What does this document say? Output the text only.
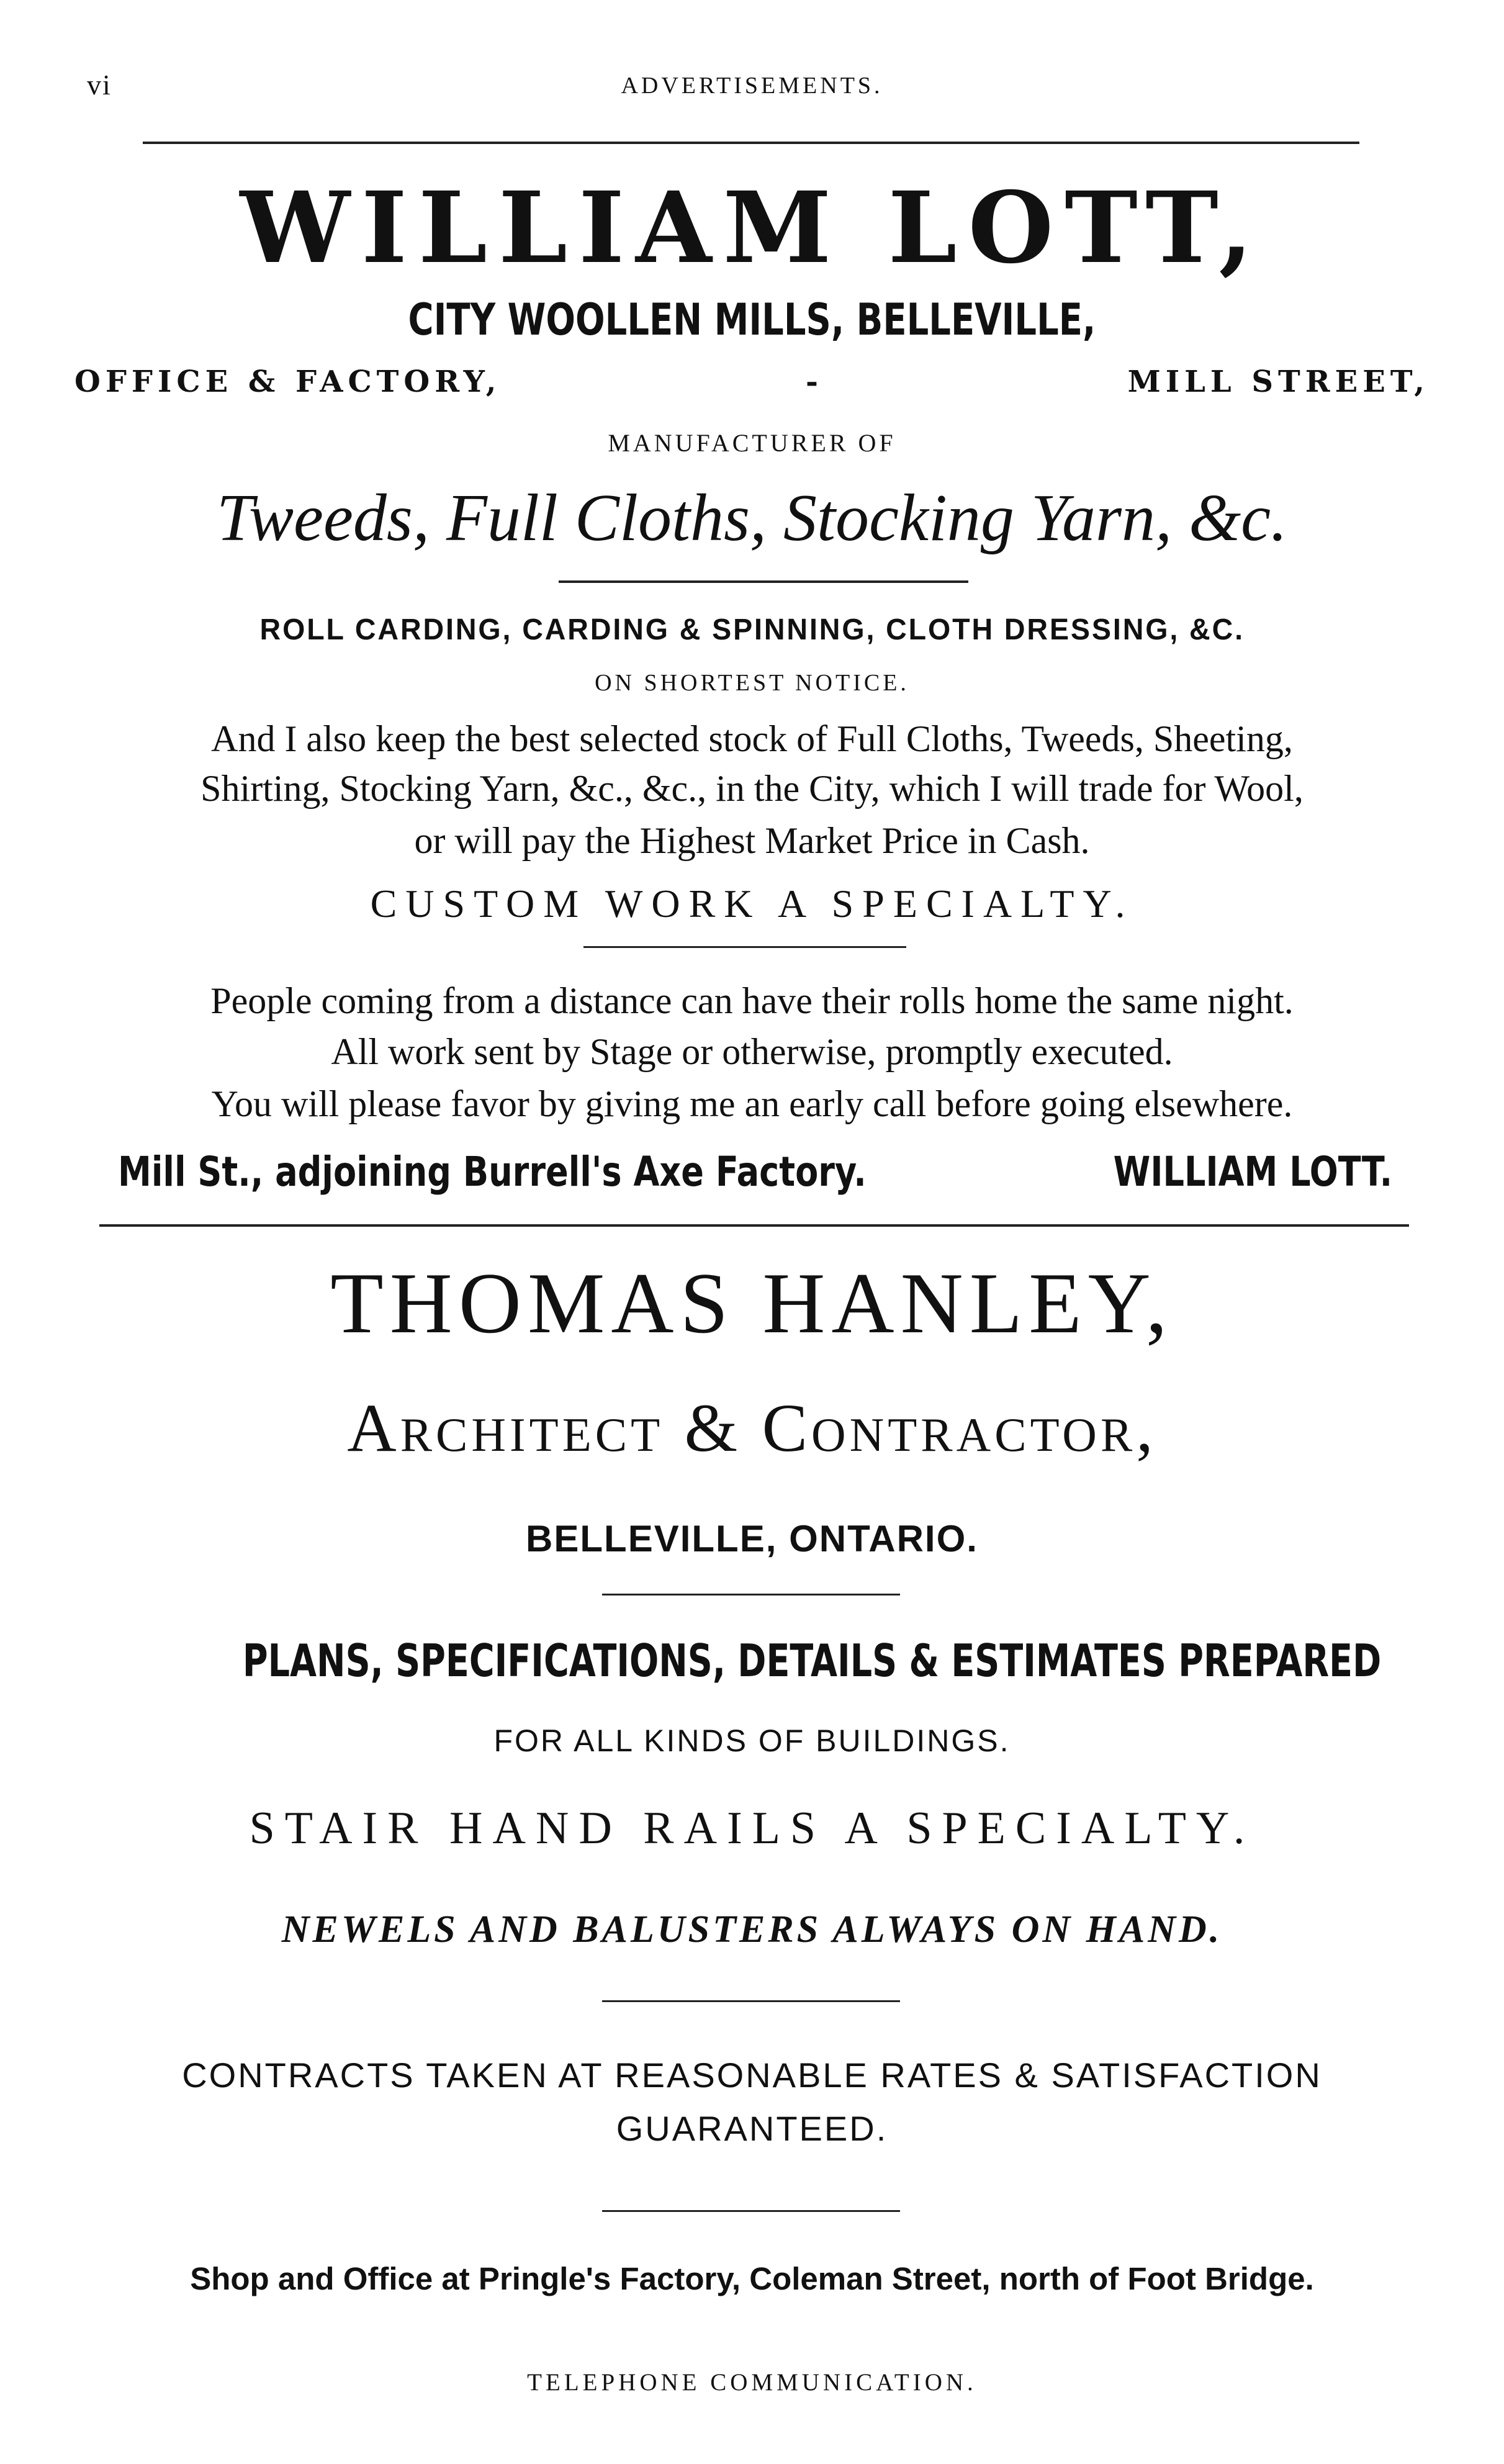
vi	ADVERTISEMENTS.
WILLIAM LOTT,
CITY WOOLLEN MILLS, BELLEVILLE,
OFFICE & FACTORY,	-	MILL STREET,
MANUFACTURER OF
Tweeds, Full Cloths, Stocking Yarn, &c.
ROLL CARDING, CARDING & SPINNING, CLOTH DRESSING, &C.
ON SHORTEST NOTICE.
And I also keep the best selected stock of Full Cloths, Tweeds, Sheeting,
Shirting, Stocking Yarn, &c., &c., in the City, which I will trade for Wool,
or will pay the Highest Market Price in Cash.
CUSTOM WORK A SPECIALTY.
People coming from a distance can have their rolls home the same night.
All work sent by Stage or otherwise, promptly executed.
You will please favor by giving me an early call before going elsewhere.
Mill St., adjoining Burrell's Axe Factory.	WILLIAM LOTT.
THOMAS HANLEY,
Architect & Contractor,
BELLEVILLE, ONTARIO.
PLANS, SPECIFICATIONS, DETAILS & ESTIMATES PREPARED
FOR ALL KINDS OF BUILDINGS.
STAIR HAND RAILS A SPECIALTY.
NEWELS AND BALUSTERS ALWAYS ON HAND.
CONTRACTS TAKEN AT REASONABLE RATES & SATISFACTION
GUARANTEED.
Shop and Office at Pringle's Factory, Coleman Street, north of Foot Bridge.
TELEPHONE COMMUNICATION.
